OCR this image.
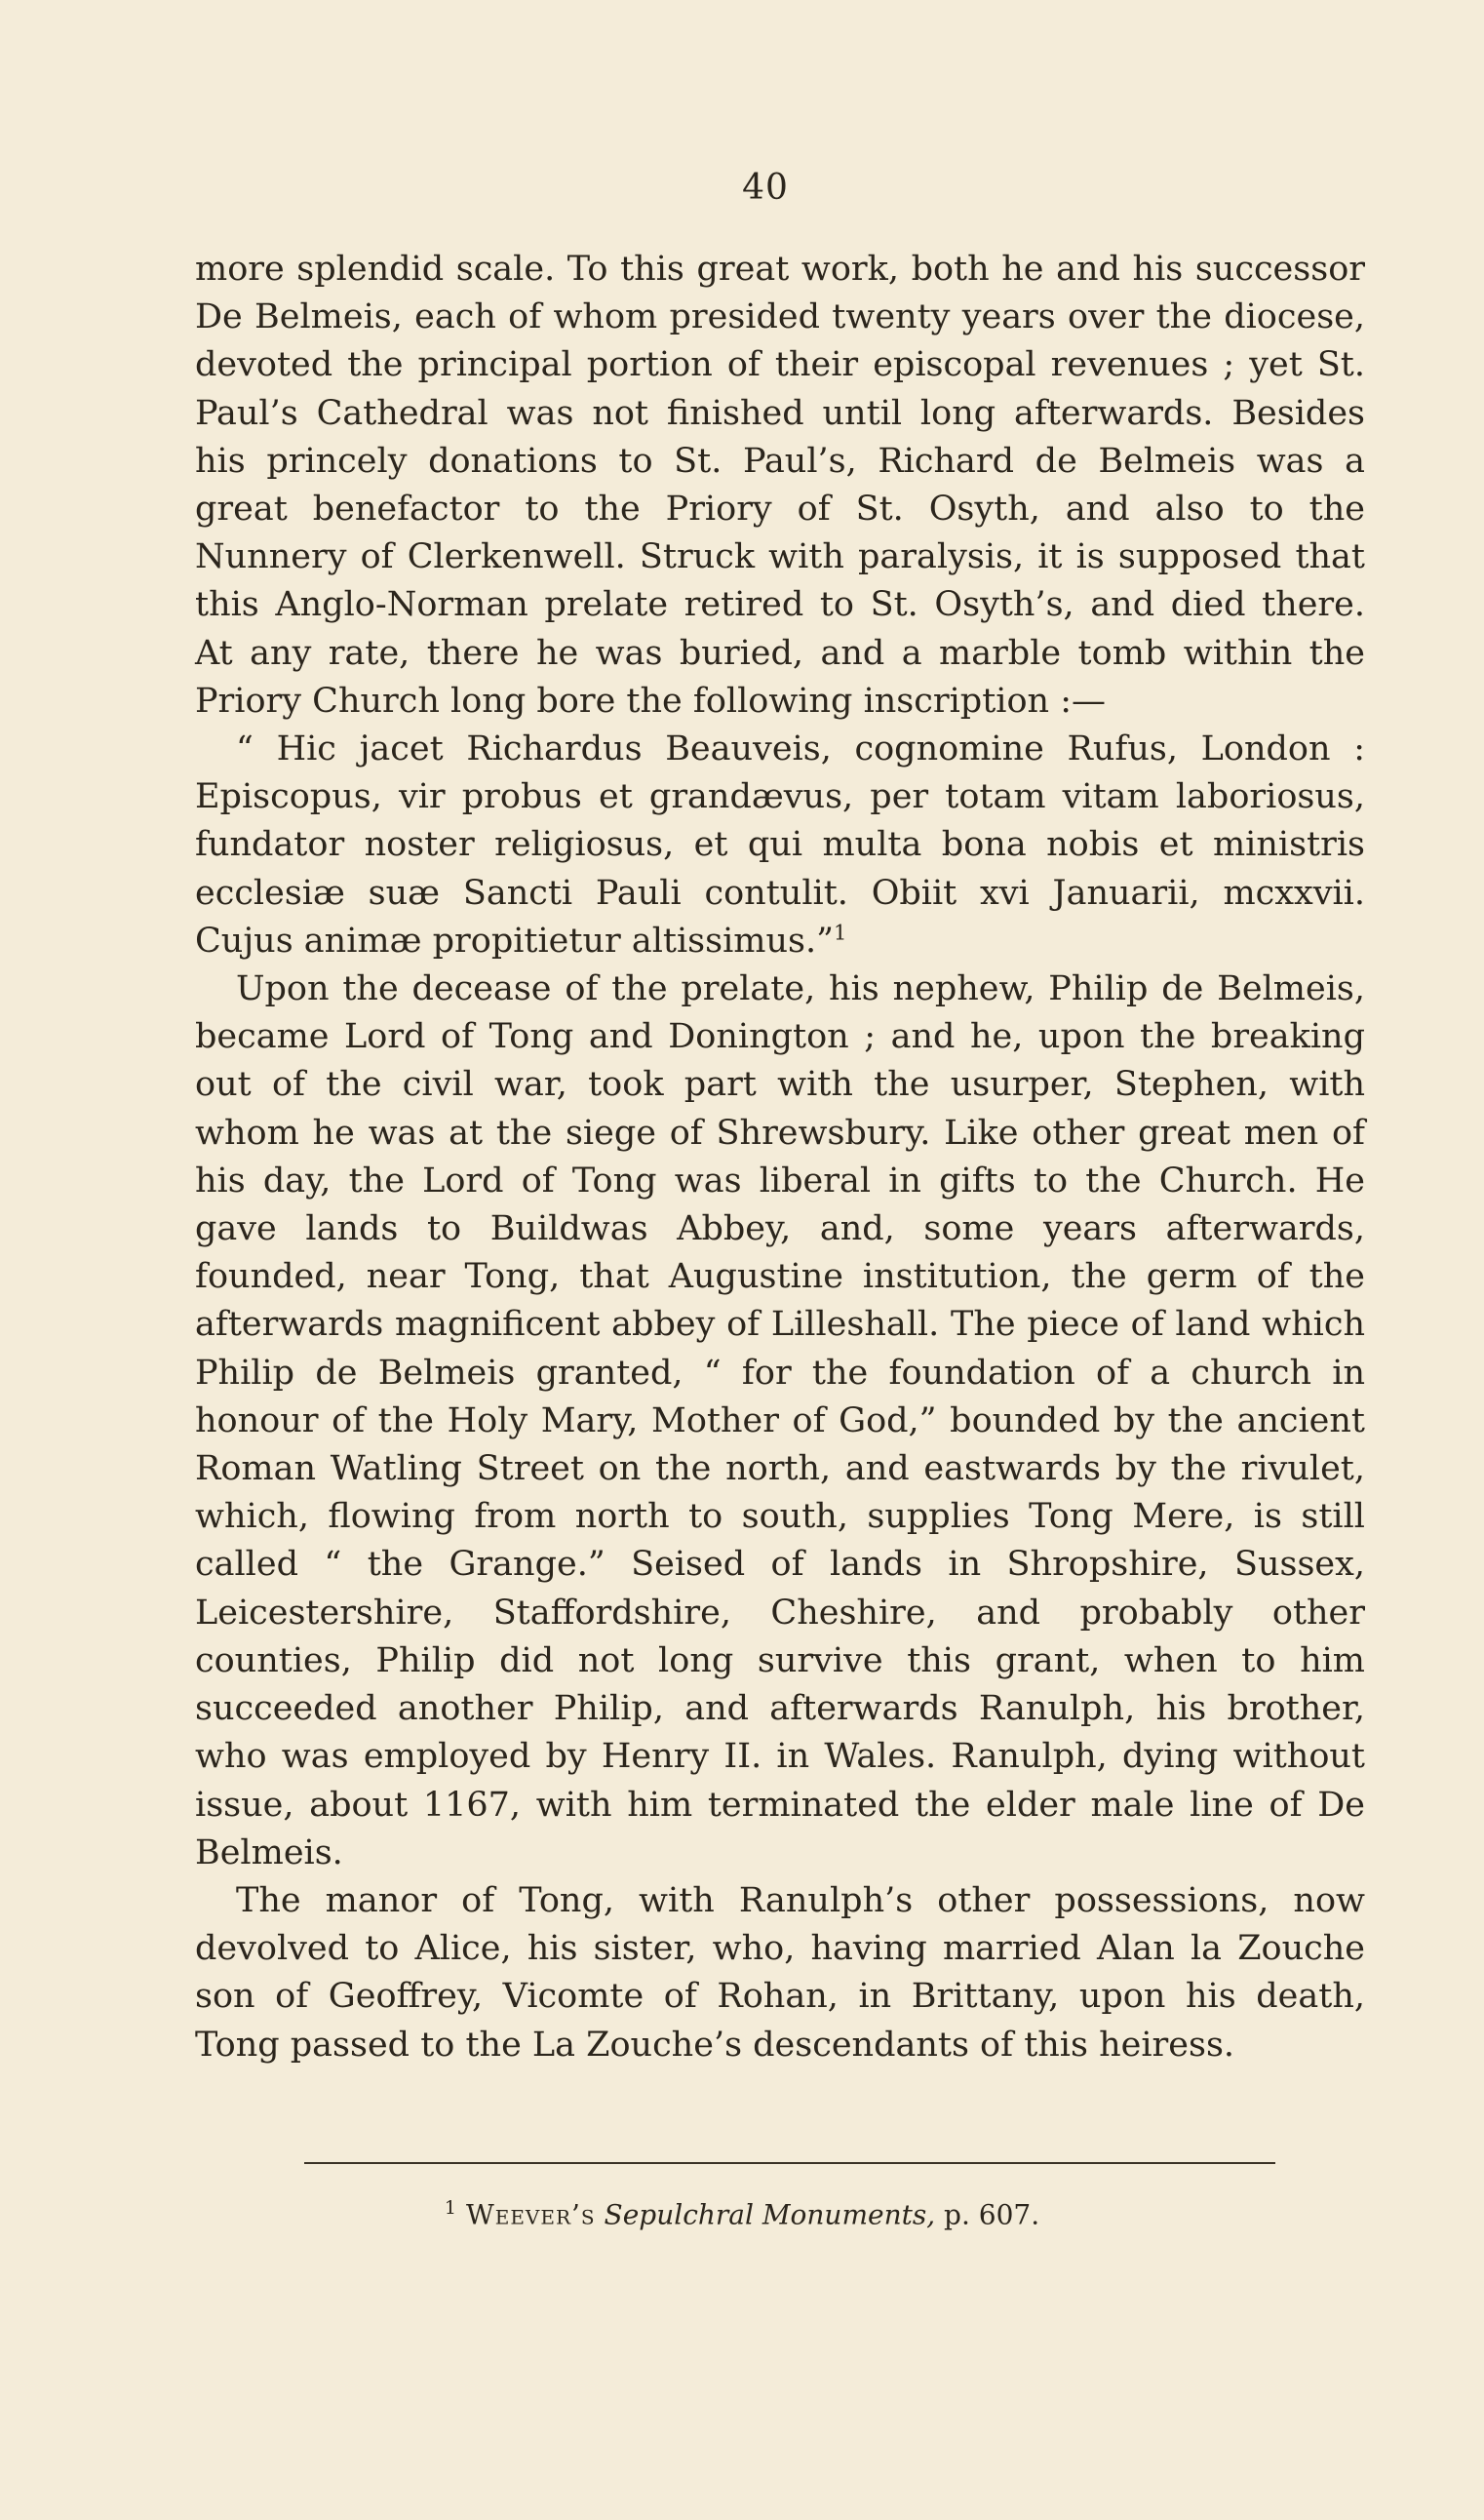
40

more splendid scale. To this great work, both he and his successor De Belmeis, each of whom presided twenty years over the diocese, devoted the principal portion of their episcopal revenues ; yet St. Paul’s Cathedral was not finished until long afterwards. Besides his princely donations to St. Paul’s, Richard de Belmeis was a great benefactor to the Priory of St. Osyth, and also to the Nunnery of Clerkenwell. Struck with paralysis, it is supposed that this Anglo-Norman prelate retired to St. Osyth’s, and died there. At any rate, there he was buried, and a marble tomb within the Priory Church long bore the following inscription :—

“ Hic jacet Richardus Beauveis, cognomine Rufus, London : Episcopus, vir probus et grandævus, per totam vitam laboriosus, fundator noster religiosus, et qui multa bona nobis et ministris ecclesiæ suæ Sancti Pauli contulit. Obiit xvi Januarii, mcxxvii. Cujus animæ propitietur altissimus.”$^1$

Upon the decease of the prelate, his nephew, Philip de Belmeis, became Lord of Tong and Donington ; and he, upon the breaking out of the civil war, took part with the usurper, Stephen, with whom he was at the siege of Shrewsbury. Like other great men of his day, the Lord of Tong was liberal in gifts to the Church. He gave lands to Buildwas Abbey, and, some years afterwards, founded, near Tong, that Augustine institution, the germ of the afterwards magnificent abbey of Lilleshall. The piece of land which Philip de Belmeis granted, “ for the foundation of a church in honour of the Holy Mary, Mother of God,” bounded by the ancient Roman Watling Street on the north, and eastwards by the rivulet, which, flowing from north to south, supplies Tong Mere, is still called “ the Grange.” Seised of lands in Shropshire, Sussex, Leicestershire, Staffordshire, Cheshire, and probably other counties, Philip did not long survive this grant, when to him succeeded another Philip, and afterwards Ranulph, his brother, who was employed by Henry II. in Wales. Ranulph, dying without issue, about 1167, with him terminated the elder male line of De Belmeis.

The manor of Tong, with Ranulph’s other possessions, now devolved to Alice, his sister, who, having married Alan la Zouche son of Geoffrey, Vicomte of Rohan, in Brittany, upon his death, Tong passed to the La Zouche’s descendants of this heiress.

$^1$ Weever’s Sepulchral Monuments, p. 607.
